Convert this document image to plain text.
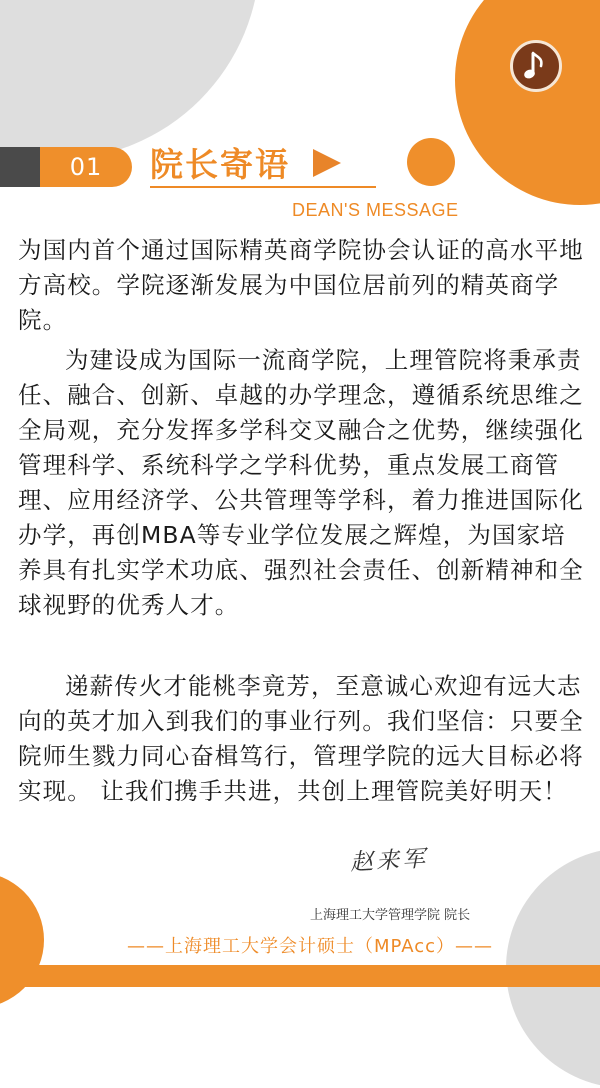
01 院长寄语
DEAN'S MESSAGE

为国内首个通过国际精英商学院协会认证的高水平地方高校。学院逐渐发展为中国位居前列的精英商学院。

为建设成为国际一流商学院，上理管院将秉承责任、融合、创新、卓越的办学理念，遵循系统思维之全局观，充分发挥多学科交叉融合之优势，继续强化管理科学、系统科学之学科优势，重点发展工商管理、应用经济学、公共管理等学科，着力推进国际化办学，再创MBA等专业学位发展之辉煌，为国家培养具有扎实学术功底、强烈社会责任、创新精神和全球视野的优秀人才。

递薪传火才能桃李竟芳，至意诚心欢迎有远大志向的英才加入到我们的事业行列。我们坚信：只要全院师生戮力同心奋楫笃行，管理学院的远大目标必将实现。 让我们携手共进，共创上理管院美好明天！

赵来军
上海理工大学管理学院 院长
——上海理工大学会计硕士（MPAcc）——
